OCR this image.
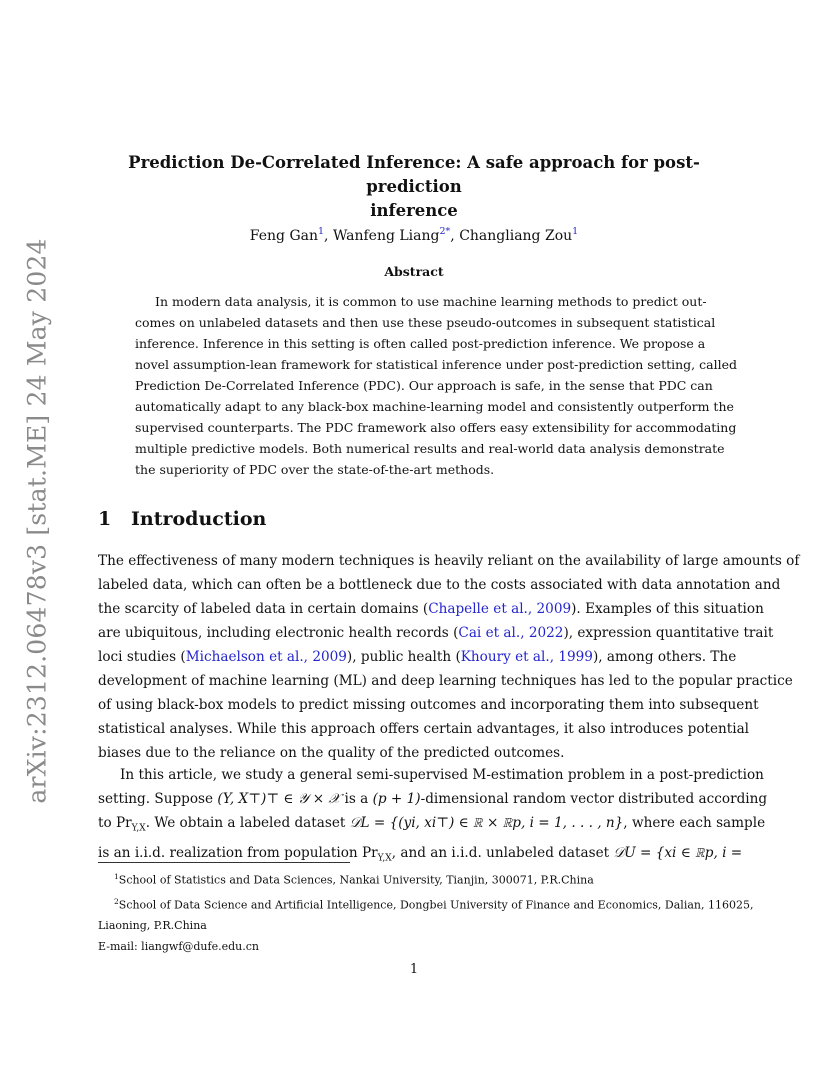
arXiv:2312.06478v3 [stat.ME] 24 May 2024
Prediction De-Correlated Inference: A safe approach for post-prediction
inference
Feng Gan$^1$, Wanfeng Liang$^{2*}$, Changliang Zou$^1$
Abstract
In modern data analysis, it is common to use machine learning methods to predict out-
comes on unlabeled datasets and then use these pseudo-outcomes in subsequent statistical
inference. Inference in this setting is often called post-prediction inference. We propose a
novel assumption-lean framework for statistical inference under post-prediction setting, called
Prediction De-Correlated Inference (PDC). Our approach is safe, in the sense that PDC can
automatically adapt to any black-box machine-learning model and consistently outperform the
supervised counterparts. The PDC framework also offers easy extensibility for accommodating
multiple predictive models. Both numerical results and real-world data analysis demonstrate
the superiority of PDC over the state-of-the-art methods.
1 Introduction
The effectiveness of many modern techniques is heavily reliant on the availability of large amounts of
labeled data, which can often be a bottleneck due to the costs associated with data annotation and
the scarcity of labeled data in certain domains (Chapelle et al., 2009). Examples of this situation
are ubiquitous, including electronic health records (Cai et al., 2022), expression quantitative trait
loci studies (Michaelson et al., 2009), public health (Khoury et al., 1999), among others. The
development of machine learning (ML) and deep learning techniques has led to the popular practice
of using black-box models to predict missing outcomes and incorporating them into subsequent
statistical analyses. While this approach offers certain advantages, it also introduces potential
biases due to the reliance on the quality of the predicted outcomes.
In this article, we study a general semi-supervised M-estimation problem in a post-prediction
setting. Suppose (Y, X⊤)⊤ ∈ 𝒴 × 𝒳 is a (p + 1)-dimensional random vector distributed according
to $Pr_{Y,X}$. We obtain a labeled dataset 𝒟L = {(yi, xi⊤) ∈ ℝ × ℝp, i = 1, . . . , n}, where each sample
is an i.i.d. realization from population $Pr_{Y,X}$, and an i.i.d. unlabeled dataset 𝒟U = {xi ∈ ℝp, i =
$^1$School of Statistics and Data Sciences, Nankai University, Tianjin, 300071, P.R.China
$^2$School of Data Science and Artificial Intelligence, Dongbei University of Finance and Economics, Dalian, 116025,
Liaoning, P.R.China
E-mail: liangwf@dufe.edu.cn
1
